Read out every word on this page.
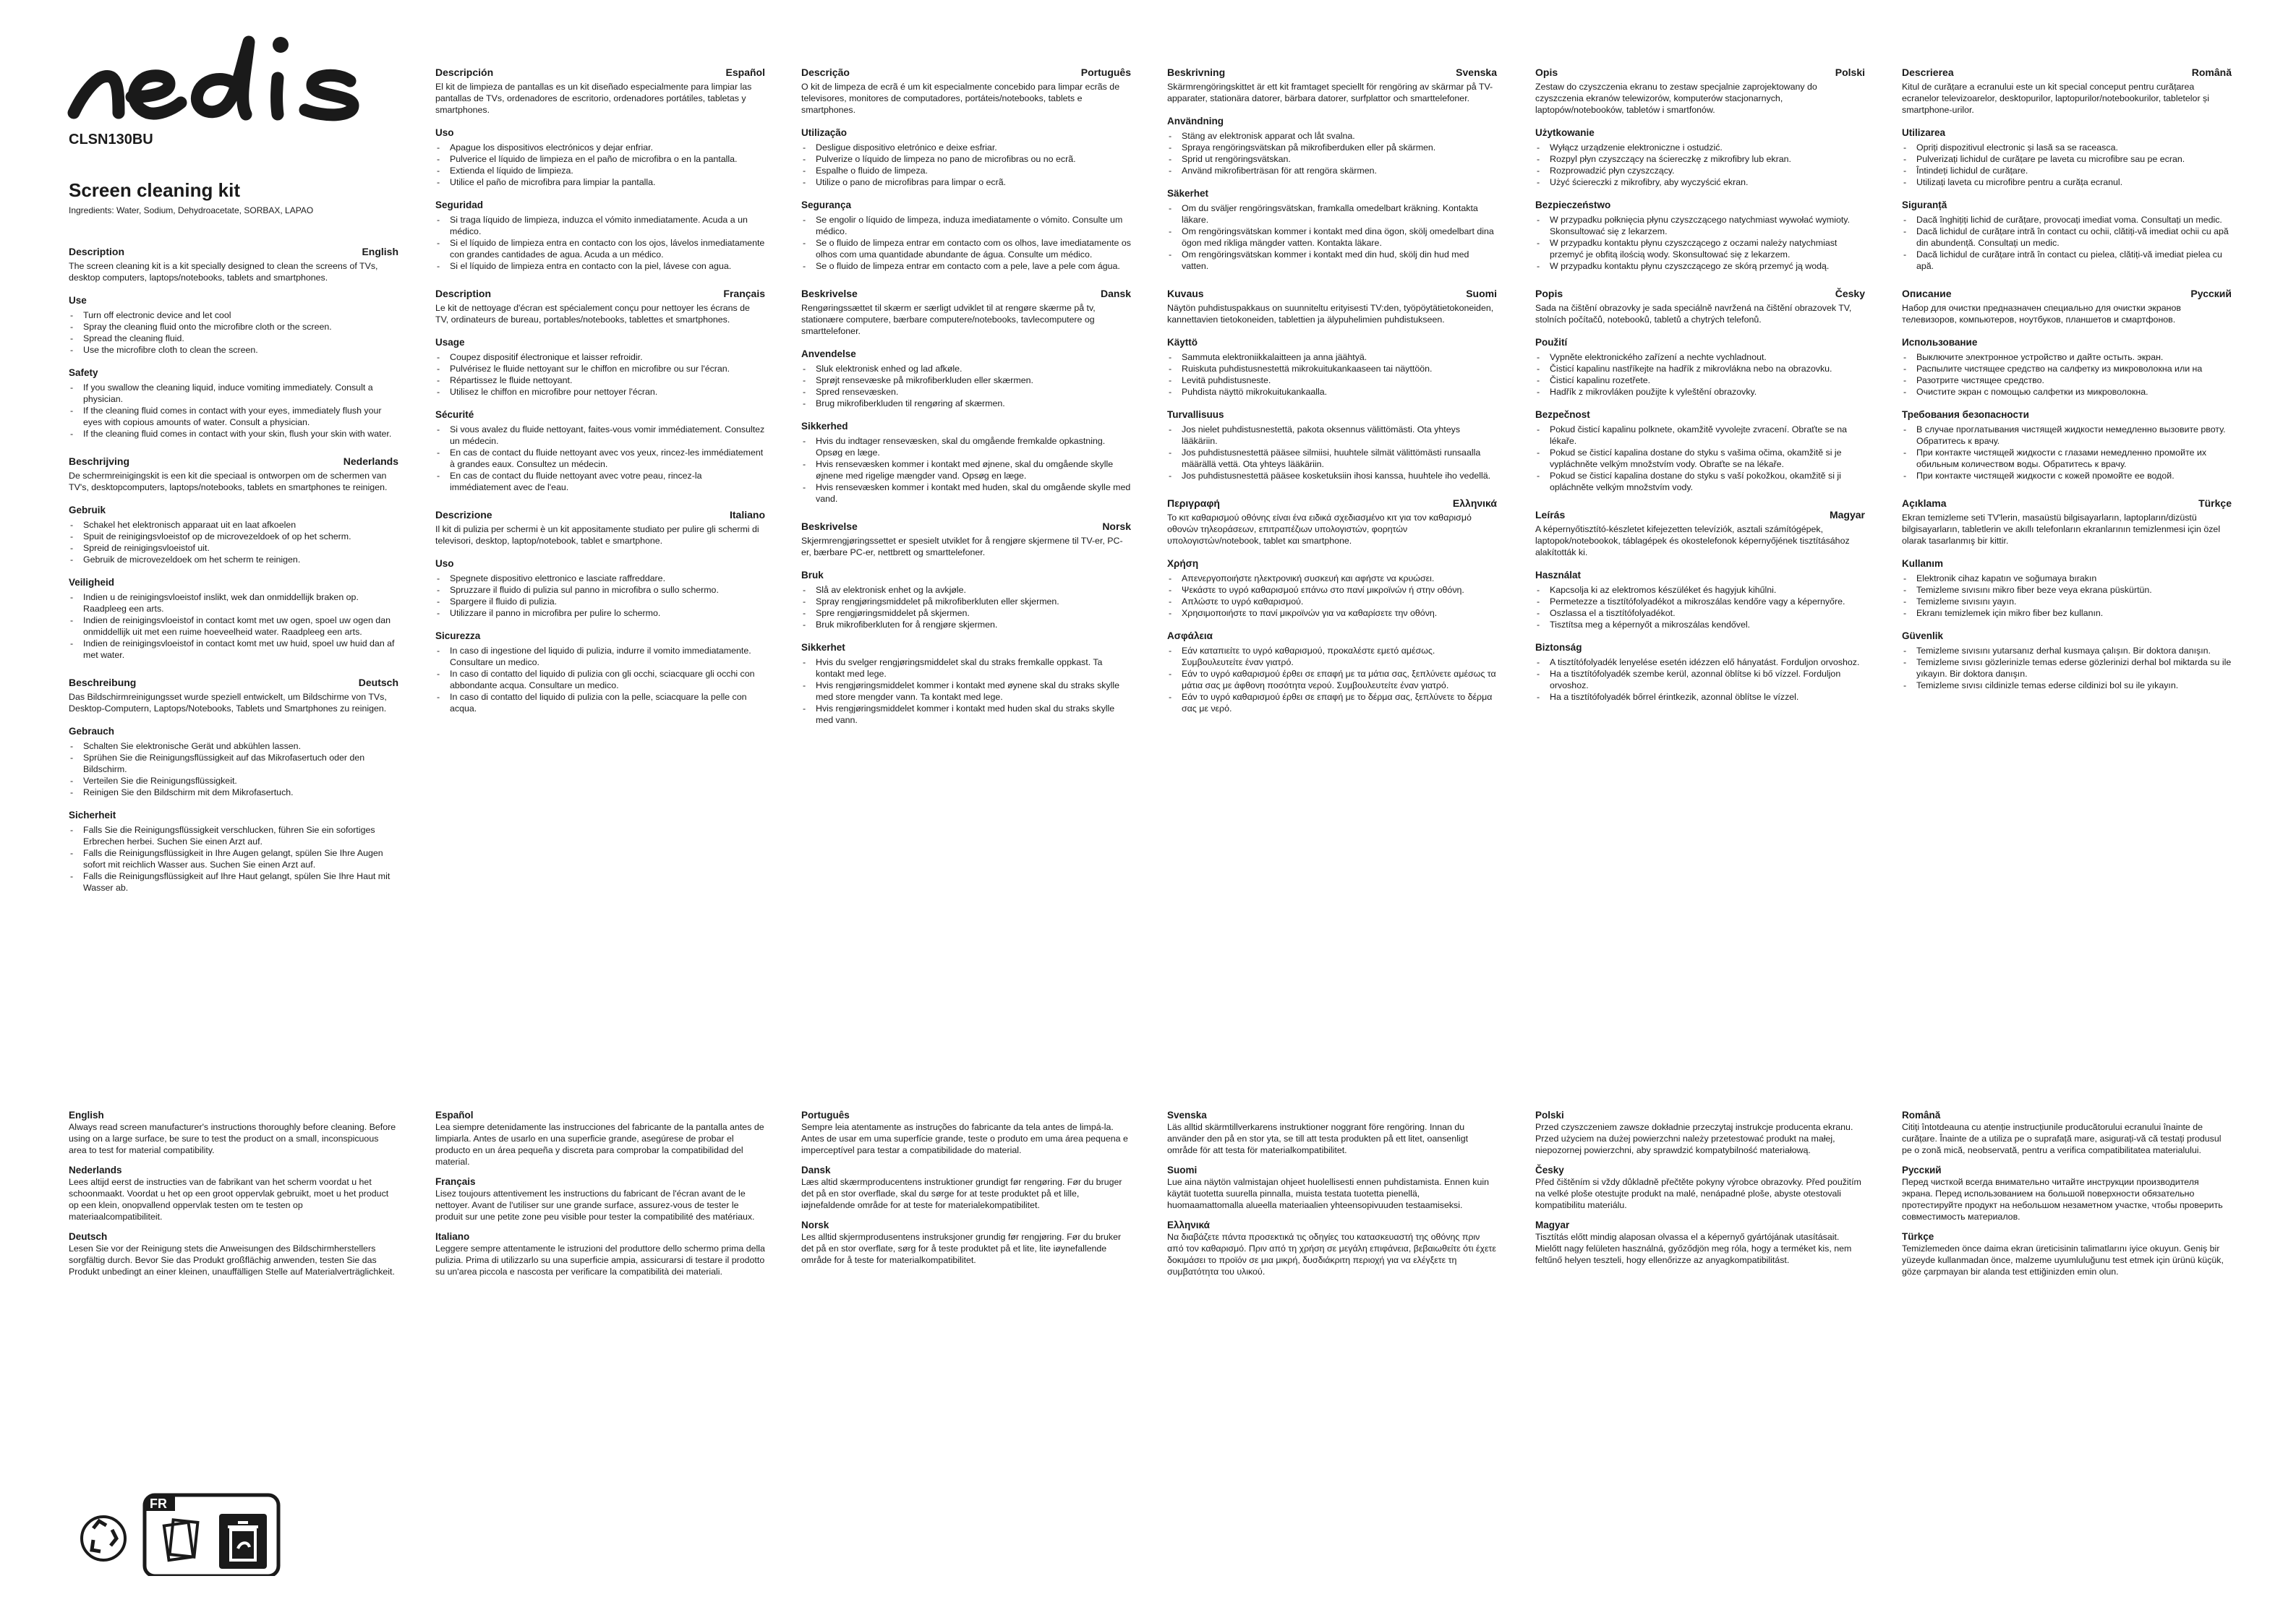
nedis
CLSN130BU
Screen cleaning kit
Ingredients: Water, Sodium, Dehydroacetate, SORBAX, LAPAO
Description	English

The screen cleaning kit is a kit specially designed to clean the screens of TVs, desktop computers, laptops/notebooks, tablets and smartphones.

Use
- Turn off electronic device and let cool
- Spray the cleaning fluid onto the microfibre cloth or the screen.
- Spread the cleaning fluid.
- Use the microfibre cloth to clean the screen.
Safety
- If you swallow the cleaning liquid, induce vomiting immediately. Consult a physician.
- If the cleaning fluid comes in contact with your eyes, immediately flush your eyes with copious amounts of water. Consult a physician.
- If the cleaning fluid comes in contact with your skin, flush your skin with water.
Beschrijving	Nederlands

De schermreinigingskit is een kit die speciaal is ontworpen om de schermen van TV's, desktopcomputers, laptops/notebooks, tablets en smartphones te reinigen.

Gebruik
- Schakel het elektronisch apparaat uit en laat afkoelen
- Spuit de reinigingsvloeistof op de microvezeldoek of op het scherm.
- Spreid de reinigingsvloeistof uit.
- Gebruik de microvezeldoek om het scherm te reinigen.
Veiligheid
- Indien u de reinigingsvloeistof inslikt, wek dan onmiddellijk braken op. Raadpleeg een arts.
- Indien de reinigingsvloeistof in contact komt met uw ogen, spoel uw ogen dan onmiddellijk uit met een ruime hoeveelheid water. Raadpleeg een arts.
- Indien de reinigingsvloeistof in contact komt met uw huid, spoel uw huid dan af met water.
Beschreibung	Deutsch

Das Bildschirmreinigungsset wurde speziell entwickelt, um Bildschirme von TVs, Desktop-Computern, Laptops/Notebooks, Tablets und Smartphones zu reinigen.

Gebrauch
- Schalten Sie elektronische Gerät und abkühlen lassen.
- Sprühen Sie die Reinigungsflüssigkeit auf das Mikrofasertuch oder den Bildschirm.
- Verteilen Sie die Reinigungsflüssigkeit.
- Reinigen Sie den Bildschirm mit dem Mikrofasertuch.
Sicherheit
- Falls Sie die Reinigungsflüssigkeit verschlucken, führen Sie ein sofortiges Erbrechen herbei. Suchen Sie einen Arzt auf.
- Falls die Reinigungsflüssigkeit in Ihre Augen gelangt, spülen Sie Ihre Augen sofort mit reichlich Wasser aus. Suchen Sie einen Arzt auf.
- Falls die Reinigungsflüssigkeit auf Ihre Haut gelangt, spülen Sie Ihre Haut mit Wasser ab.
Descripción	Español

El kit de limpieza de pantallas es un kit diseñado especialmente para limpiar las pantallas de TVs, ordenadores de escritorio, ordenadores portátiles, tabletas y smartphones.

Uso
- Apague los dispositivos electrónicos y dejar enfriar.
- Pulverice el líquido de limpieza en el paño de microfibra o en la pantalla.
- Extienda el líquido de limpieza.
- Utilice el paño de microfibra para limpiar la pantalla.
Seguridad
- Si traga líquido de limpieza, induzca el vómito inmediatamente. Acuda a un médico.
- Si el líquido de limpieza entra en contacto con los ojos, lávelos inmediatamente con grandes cantidades de agua. Acuda a un médico.
- Si el líquido de limpieza entra en contacto con la piel, lávese con agua.
Description	Français

Le kit de nettoyage d'écran est spécialement conçu pour nettoyer les écrans de TV, ordinateurs de bureau, portables/notebooks, tablettes et smartphones.

Usage
- Coupez dispositif électronique et laisser refroidir.
- Pulvérisez le fluide nettoyant sur le chiffon en microfibre ou sur l'écran.
- Répartissez le fluide nettoyant.
- Utilisez le chiffon en microfibre pour nettoyer l'écran.
Sécurité
- Si vous avalez du fluide nettoyant, faites-vous vomir immédiatement. Consultez un médecin.
- En cas de contact du fluide nettoyant avec vos yeux, rincez-les immédiatement à grandes eaux. Consultez un médecin.
- En cas de contact du fluide nettoyant avec votre peau, rincez-la immédiatement avec de l'eau.
Descrizione	Italiano

Il kit di pulizia per schermi è un kit appositamente studiato per pulire gli schermi di televisori, desktop, laptop/notebook, tablet e smartphone.

Uso
- Spegnete dispositivo elettronico e lasciate raffreddare.
- Spruzzare il fluido di pulizia sul panno in microfibra o sullo schermo.
- Spargere il fluido di pulizia.
- Utilizzare il panno in microfibra per pulire lo schermo.
Sicurezza
- In caso di ingestione del liquido di pulizia, indurre il vomito immediatamente. Consultare un medico.
- In caso di contatto del liquido di pulizia con gli occhi, sciacquare gli occhi con abbondante acqua. Consultare un medico.
- In caso di contatto del liquido di pulizia con la pelle, sciacquare la pelle con acqua.
Descrição	Português

O kit de limpeza de ecrã é um kit especialmente concebido para limpar ecrãs de televisores, monitores de computadores, portáteis/notebooks, tablets e smartphones.

Utilização
- Desligue dispositivo eletrónico e deixe esfriar.
- Pulverize o líquido de limpeza no pano de microfibras ou no ecrã.
- Espalhe o fluido de limpeza.
- Utilize o pano de microfibras para limpar o ecrã.
Segurança
- Se engolir o líquido de limpeza, induza imediatamente o vómito. Consulte um médico.
- Se o fluido de limpeza entrar em contacto com os olhos, lave imediatamente os olhos com uma quantidade abundante de água. Consulte um médico.
- Se o fluido de limpeza entrar em contacto com a pele, lave a pele com água.
Beskrivelse	Dansk

Rengøringssættet til skærm er særligt udviklet til at rengøre skærme på tv, stationære computere, bærbare computere/notebooks, tavlecomputere og smarttelefoner.

Anvendelse
- Sluk elektronisk enhed og lad afkøle.
- Sprøjt rensevæske på mikrofiberkluden eller skærmen.
- Spred rensevæsken.
- Brug mikrofiberkluden til rengøring af skærmen.
Sikkerhed
- Hvis du indtager rensevæsken, skal du omgående fremkalde opkastning. Opsøg en læge.
- Hvis rensevæsken kommer i kontakt med øjnene, skal du omgående skylle øjnene med rigelige mængder vand. Opsøg en læge.
- Hvis rensevæsken kommer i kontakt med huden, skal du omgående skylle med vand.
Beskrivelse	Norsk

Skjermrengjøringssettet er spesielt utviklet for å rengjøre skjermene til TV-er, PC-er, bærbare PC-er, nettbrett og smarttelefoner.

Bruk
- Slå av elektronisk enhet og la avkjøle.
- Spray rengjøringsmiddelet på mikrofiberkluten eller skjermen.
- Spre rengjøringsmiddelet på skjermen.
- Bruk mikrofiberkluten for å rengjøre skjermen.
Sikkerhet
- Hvis du svelger rengjøringsmiddelet skal du straks fremkalle oppkast. Ta kontakt med lege.
- Hvis rengjøringsmiddelet kommer i kontakt med øynene skal du straks skylle med store mengder vann. Ta kontakt med lege.
- Hvis rengjøringsmiddelet kommer i kontakt med huden skal du straks skylle med vann.
Beskrivning	Svenska

Skärmrengöringskittet är ett kit framtaget speciellt för rengöring av skärmar på TV-apparater, stationära datorer, bärbara datorer, surfplattor och smarttelefoner.

Användning
- Stäng av elektronisk apparat och låt svalna.
- Spraya rengöringsvätskan på mikrofiberduken eller på skärmen.
- Sprid ut rengöringsvätskan.
- Använd mikrofiberträsan för att rengöra skärmen.
Säkerhet
- Om du sväljer rengöringsvätskan, framkalla omedelbart kräkning. Kontakta läkare.
- Om rengöringsvätskan kommer i kontakt med dina ögon, skölj omedelbart dina ögon med rikliga mängder vatten. Kontakta läkare.
- Om rengöringsvätskan kommer i kontakt med din hud, skölj din hud med vatten.
Kuvaus	Suomi

Näytön puhdistuspakkaus on suunniteltu erityisesti TV:den, työpöytätietokoneiden, kannettavien tietokoneiden, tablettien ja älypuhelimien puhdistukseen.

Käyttö
- Sammuta elektroniikkalaitteen ja anna jäähtyä.
- Ruiskuta puhdistusnestettä mikrokuitukankaaseen tai näyttöön.
- Levitä puhdistusneste.
- Puhdista näyttö mikrokuitukankaalla.
Turvallisuus
- Jos nielet puhdistusnestettä, pakota oksennus välittömästi. Ota yhteys lääkäriin.
- Jos puhdistusnestettä pääsee silmiisi, huuhtele silmät välittömästi runsaalla määrällä vettä. Ota yhteys lääkäriin.
- Jos puhdistusnestettä pääsee kosketuksiin ihosi kanssa, huuhtele iho vedellä.
Περιγραφή	Ελληνικά

Το κιτ καθαρισμού οθόνης είναι ένα ειδικά σχεδιασμένο κιτ για τον καθαρισμό οθονών τηλεοράσεων, επιτραπέζιων υπολογιστών, φορητών υπολογιστών/notebook, tablet και smartphone.

Χρήση
- Απενεργοποιήστε ηλεκτρονική συσκευή και αφήστε να κρυώσει.
- Ψεκάστε το υγρό καθαρισμού επάνω στο πανί μικροϊνών ή στην οθόνη.
- Απλώστε το υγρό καθαρισμού.
- Χρησιμοποιήστε το πανί μικροϊνών για να καθαρίσετε την οθόνη.
Ασφάλεια
- Εάν καταπιείτε το υγρό καθαρισμού, προκαλέστε εμετό αμέσως. Συμβουλευτείτε έναν γιατρό.
- Εάν το υγρό καθαρισμού έρθει σε επαφή με τα μάτια σας, ξεπλύνετε αμέσως τα μάτια σας με άφθονη ποσότητα νερού. Συμβουλευτείτε έναν γιατρό.
- Εάν το υγρό καθαρισμού έρθει σε επαφή με το δέρμα σας, ξεπλύνετε το δέρμα σας με νερό.
Opis	Polski

Zestaw do czyszczenia ekranu to zestaw specjalnie zaprojektowany do czyszczenia ekranów telewizorów, komputerów stacjonarnych, laptopów/notebooków, tabletów i smartfonów.

Użytkowanie
- Wyłącz urządzenie elektroniczne i ostudzić.
- Rozpyl płyn czyszczący na ściereczkę z mikrofibry lub ekran.
- Rozprowadzić płyn czyszczący.
- Użyć ściereczki z mikrofibry, aby wyczyścić ekran.
Bezpieczeństwo
- W przypadku połknięcia płynu czyszczącego natychmiast wywołać wymioty. Skonsultować się z lekarzem.
- W przypadku kontaktu płynu czyszczącego z oczami należy natychmiast przemyć je obfitą ilością wody. Skonsultować się z lekarzem.
- W przypadku kontaktu płynu czyszczącego ze skórą przemyć ją wodą.
Popis	Česky

Sada na čištění obrazovky je sada speciálně navržená na čištění obrazovek TV, stolních počítačů, notebooků, tabletů a chytrých telefonů.

Použití
- Vypněte elektronického zařízení a nechte vychladnout.
- Čisticí kapalinu nastříkejte na hadřík z mikrovlákna nebo na obrazovku.
- Čisticí kapalinu rozetřete.
- Hadřík z mikrovláken použijte k vyleštění obrazovky.
Bezpečnost
- Pokud čisticí kapalinu polknete, okamžitě vyvolejte zvracení. Obraťte se na lékaře.
- Pokud se čisticí kapalina dostane do styku s vašima očima, okamžitě si je vypláchněte velkým množstvím vody. Obraťte se na lékaře.
- Pokud se čisticí kapalina dostane do styku s vaší pokožkou, okamžitě si ji opláchněte velkým množstvím vody.
Leírás	Magyar

A képernyőtisztító-készletet kifejezetten televíziók, asztali számítógépek, laptopok/notebookok, táblagépek és okostelefonok képernyőjének tisztításához alakították ki.

Használat
- Kapcsolja ki az elektromos készüléket és hagyjuk kihűlni.
- Permetezze a tisztítófolyadékot a mikroszálas kendőre vagy a képernyőre.
- Oszlassa el a tisztítófolyadékot.
- Tisztítsa meg a képernyőt a mikroszálas kendővel.
Biztonság
- A tisztítófolyadék lenyelése esetén idézzen elő hányatást. Forduljon orvoshoz.
- Ha a tisztítófolyadék szembe kerül, azonnal öblítse ki bő vízzel. Forduljon orvoshoz.
- Ha a tisztítófolyadék bőrrel érintkezik, azonnal öblítse le vízzel.
Descrierea	Română

Kitul de curățare a ecranului este un kit special conceput pentru curățarea ecranelor televizoarelor, desktopurilor, laptopurilor/notebookurilor, tabletelor și smartphone-urilor.

Utilizarea
- Opriți dispozitivul electronic și lasă sa se raceasca.
- Pulverizați lichidul de curățare pe laveta cu microfibre sau pe ecran.
- Întindeți lichidul de curățare.
- Utilizați laveta cu microfibre pentru a curăța ecranul.
Siguranță
- Dacă înghițiți lichid de curățare, provocați imediat voma. Consultați un medic.
- Dacă lichidul de curățare intră în contact cu ochii, clătiți-vă imediat ochii cu apă din abundență. Consultați un medic.
- Dacă lichidul de curățare intră în contact cu pielea, clătiți-vă imediat pielea cu apă.
Описание	Русский

Набор для очистки предназначен специально для очистки экранов телевизоров, компьютеров, ноутбуков, планшетов и смартфонов.

Использование
- Выключите электронное устройство и дайте остыть. экран.
- Распылите чистящее средство на салфетку из микроволокна или на
- Разотрите чистящее средство.
- Очистите экран с помощью салфетки из микроволокна.
Требования безопасности
- В случае проглатывания чистящей жидкости немедленно вызовите рвоту. Обратитесь к врачу.
- При контакте чистящей жидкости с глазами немедленно промойте их обильным количеством воды. Обратитесь к врачу.
- При контакте чистящей жидкости с кожей промойте ее водой.
Açıklama	Türkçe

Ekran temizleme seti TV'lerin, masaüstü bilgisayarların, laptopların/dizüstü bilgisayarların, tabletlerin ve akıllı telefonların ekranlarının temizlenmesi için özel olarak tasarlanmış bir kittir.

Kullanım
- Elektronik cihaz kapatın ve soğumaya bırakın
- Temizleme sıvısını mikro fiber beze veya ekrana püskürtün.
- Temizleme sıvısını yayın.
- Ekranı temizlemek için mikro fiber bez kullanın.
Güvenlik
- Temizleme sıvısını yutarsanız derhal kusmaya çalışın. Bir doktora danışın.
- Temizleme sıvısı gözlerinizle temas ederse gözlerinizi derhal bol miktarda su ile yıkayın. Bir doktora danışın.
- Temizleme sıvısı cildinizle temas ederse cildinizi bol su ile yıkayın.
English

Always read screen manufacturer's instructions thoroughly before cleaning. Before using on a large surface, be sure to test the product on a small, inconspicuous area to test for material compatibility.

Nederlands

Lees altijd eerst de instructies van de fabrikant van het scherm voordat u het schoonmaakt. Voordat u het op een groot oppervlak gebruikt, moet u het product op een klein, onopvallend oppervlak testen om te testen op materiaalcompatibiliteit.

Deutsch

Lesen Sie vor der Reinigung stets die Anweisungen des Bildschirmherstellers sorgfältig durch. Bevor Sie das Produkt großflächig anwenden, testen Sie das Produkt unbedingt an einer kleinen, unauffälligen Stelle auf Materialverträglichkeit.

Español

Lea siempre detenidamente las instrucciones del fabricante de la pantalla antes de limpiarla. Antes de usarlo en una superficie grande, asegúrese de probar el producto en un área pequeña y discreta para comprobar la compatibilidad del material.

Français

Lisez toujours attentivement les instructions du fabricant de l'écran avant de le nettoyer. Avant de l'utiliser sur une grande surface, assurez-vous de tester le produit sur une petite zone peu visible pour tester la compatibilité des matériaux.

Italiano

Leggere sempre attentamente le istruzioni del produttore dello schermo prima della pulizia. Prima di utilizzarlo su una superficie ampia, assicurarsi di testare il prodotto su un'area piccola e nascosta per verificare la compatibilità dei materiali.

Português

Sempre leia atentamente as instruções do fabricante da tela antes de limpá-la. Antes de usar em uma superfície grande, teste o produto em uma área pequena e imperceptível para testar a compatibilidade do material.

Dansk

Læs altid skærmproducentens instruktioner grundigt før rengøring. Før du bruger det på en stor overflade, skal du sørge for at teste produktet på et lille, iøjnefaldende område for at teste for materialekompatibilitet.

Norsk

Les alltid skjermprodusentens instruksjoner grundig før rengjøring. Før du bruker det på en stor overflate, sørg for å teste produktet på et lite, lite iøynefallende område for å teste for materialkompatibilitet.

Svenska

Läs alltid skärmtillverkarens instruktioner noggrant före rengöring. Innan du använder den på en stor yta, se till att testa produkten på ett litet, oansenligt område för att testa för materialkompatibilitet.

Suomi

Lue aina näytön valmistajan ohjeet huolellisesti ennen puhdistamista. Ennen kuin käytät tuotetta suurella pinnalla, muista testata tuotetta pienellä, huomaamattomalla alueella materiaalien yhteensopivuuden testaamiseksi.

Ελληνικά

Να διαβάζετε πάντα προσεκτικά τις οδηγίες του κατασκευαστή της οθόνης πριν από τον καθαρισμό. Πριν από τη χρήση σε μεγάλη επιφάνεια, βεβαιωθείτε ότι έχετε δοκιμάσει το προϊόν σε μια μικρή, δυσδιάκριτη περιοχή για να ελέγξετε τη συμβατότητα του υλικού.

Polski

Przed czyszczeniem zawsze dokładnie przeczytaj instrukcje producenta ekranu. Przed użyciem na dużej powierzchni należy przetestować produkt na małej, niepozornej powierzchni, aby sprawdzić kompatybilność materiałową.

Česky

Před čištěním si vždy důkladně přečtěte pokyny výrobce obrazovky. Před použitím na velké ploše otestujte produkt na malé, nenápadné ploše, abyste otestovali kompatibilitu materiálu.

Magyar

Tisztítás előtt mindig alaposan olvassa el a képernyő gyártójának utasításait. Mielőtt nagy felületen használná, győződjön meg róla, hogy a terméket kis, nem feltűnő helyen teszteli, hogy ellenőrizze az anyagkompatibilitást.

Română

Citiți întotdeauna cu atenție instrucțiunile producătorului ecranului înainte de curățare. Înainte de a utiliza pe o suprafață mare, asigurați-vă că testați produsul pe o zonă mică, neobservată, pentru a verifica compatibilitatea materialului.

Русский

Перед чисткой всегда внимательно читайте инструкции производителя экрана. Перед использованием на большой поверхности обязательно протестируйте продукт на небольшом незаметном участке, чтобы проверить совместимость материалов.

Türkçe

Temizlemeden önce daima ekran üreticisinin talimatlarını iyice okuyun. Geniş bir yüzeyde kullanmadan önce, malzeme uyumluluğunu test etmek için ürünü küçük, göze çarpmayan bir alanda test ettiğinizden emin olun.

FR
